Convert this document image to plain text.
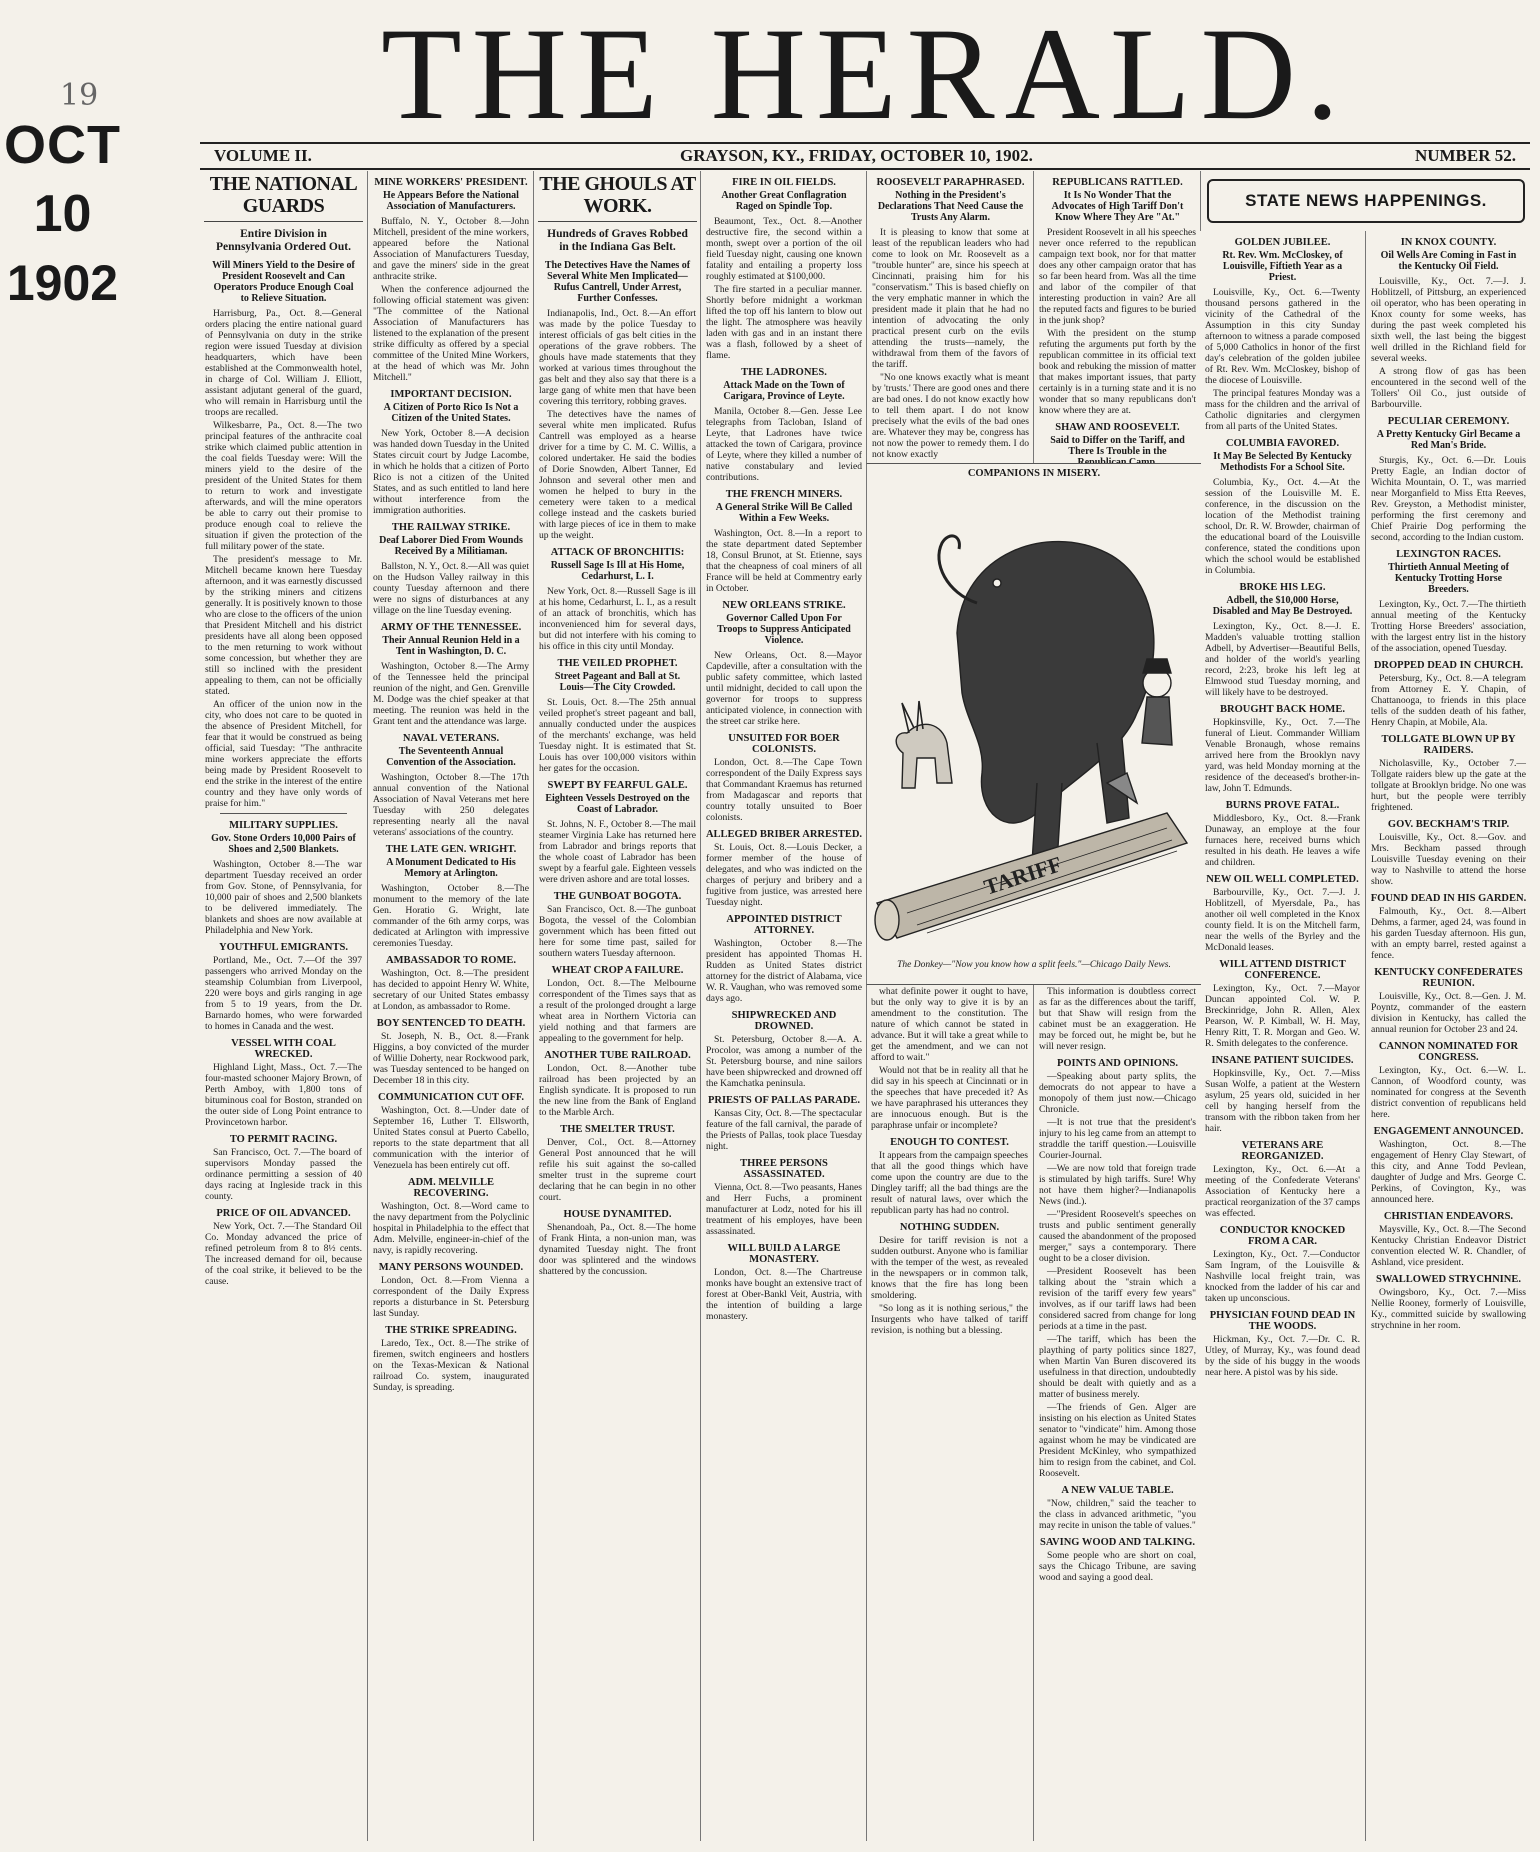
19
OCT
10
1902
THE HERALD.
VOLUME II.	GRAYSON, KY., FRIDAY, OCTOBER 10, 1902.	NUMBER 52.
THE NATIONAL GUARDS
Entire Division in Pennsylvania Ordered Out.
Will Miners Yield to the Desire of President Roosevelt and Can Operators Produce Enough Coal to Relieve Situation.

Harrisburg, Pa., Oct. 8.—General orders placing the entire national guard of Pennsylvania on duty in the strike region were issued Tuesday at division headquarters, which have been established at the Commonwealth hotel, in charge of Col. William J. Elliott, assistant adjutant general of the guard, who will remain in Harrisburg until the troops are recalled.

Wilkesbarre, Pa., Oct. 8.—The two principal features of the anthracite coal strike which claimed public attention in the coal fields Tuesday were: Will the miners yield to the desire of the president of the United States for them to return to work and investigate afterwards, and will the mine operators be able to carry out their promise to produce enough coal to relieve the situation if given the protection of the full military power of the state.

The president's message to Mr. Mitchell became known here Tuesday afternoon, and it was earnestly discussed by the striking miners and citizens generally. It is positively known to those who are close to the officers of the union that President Mitchell and his district presidents have all along been opposed to the men returning to work without some concession, but whether they are still so inclined with the president appealing to them, can not be officially stated.

An officer of the union now in the city, who does not care to be quoted in the absence of President Mitchell, for fear that it would be construed as being official, said Tuesday: "The anthracite mine workers appreciate the efforts being made by President Roosevelt to end the strike in the interest of the entire country and they have only words of praise for him."

MILITARY SUPPLIES.
Gov. Stone Orders 10,000 Pairs of Shoes and 2,500 Blankets.

Washington, October 8.—The war department Tuesday received an order from Gov. Stone, of Pennsylvania, for 10,000 pair of shoes and 2,500 blankets to be delivered immediately. The blankets and shoes are now available at Philadelphia and New York.

YOUTHFUL EMIGRANTS.

Portland, Me., Oct. 7.—Of the 397 passengers who arrived Monday on the steamship Columbian from Liverpool, 220 were boys and girls ranging in age from 5 to 19 years, from the Dr. Barnardo homes, who were forwarded to homes in Canada and the west.

VESSEL WITH COAL WRECKED.

Highland Light, Mass., Oct. 7.—The four-masted schooner Majory Brown, of Perth Amboy, with 1,800 tons of bituminous coal for Boston, stranded on the outer side of Long Point entrance to Provincetown harbor.

TO PERMIT RACING.

San Francisco, Oct. 7.—The board of supervisors Monday passed the ordinance permitting a session of 40 days racing at Ingleside track in this county.

PRICE OF OIL ADVANCED.

New York, Oct. 7.—The Standard Oil Co. Monday advanced the price of refined petroleum from 8 to 8½ cents. The increased demand for oil, because of the coal strike, it believed to be the cause.

MINE WORKERS' PRESIDENT.
He Appears Before the National Association of Manufacturers.

Buffalo, N. Y., October 8.—John Mitchell, president of the mine workers, appeared before the National Association of Manufacturers Tuesday, and gave the miners' side in the great anthracite strike.

When the conference adjourned the following official statement was given: "The committee of the National Association of Manufacturers has listened to the explanation of the present strike difficulty as offered by a special committee of the United Mine Workers, at the head of which was Mr. John Mitchell."

IMPORTANT DECISION.
A Citizen of Porto Rico Is Not a Citizen of the United States.

New York, October 8.—A decision was handed down Tuesday in the United States circuit court by Judge Lacombe, in which he holds that a citizen of Porto Rico is not a citizen of the United States, and as such entitled to land here without interference from the immigration authorities.

THE RAILWAY STRIKE.
Deaf Laborer Died From Wounds Received By a Militiaman.

Ballston, N. Y., Oct. 8.—All was quiet on the Hudson Valley railway in this county Tuesday afternoon and there were no signs of disturbances at any village on the line Tuesday evening.

ARMY OF THE TENNESSEE.
Their Annual Reunion Held in a Tent in Washington, D. C.

Washington, October 8.—The Army of the Tennessee held the principal reunion of the night, and Gen. Grenville M. Dodge was the chief speaker at that meeting. The reunion was held in the Grant tent and the attendance was large.

NAVAL VETERANS.
The Seventeenth Annual Convention of the Association.

Washington, October 8.—The 17th annual convention of the National Association of Naval Veterans met here Tuesday with 250 delegates representing nearly all the naval veterans' associations of the country.

THE LATE GEN. WRIGHT.
A Monument Dedicated to His Memory at Arlington.

Washington, October 8.—The monument to the memory of the late Gen. Horatio G. Wright, late commander of the 6th army corps, was dedicated at Arlington with impressive ceremonies Tuesday.

AMBASSADOR TO ROME.

Washington, Oct. 8.—The president has decided to appoint Henry W. White, secretary of our United States embassy at London, as ambassador to Rome.

BOY SENTENCED TO DEATH.

St. Joseph, N. B., Oct. 8.—Frank Higgins, a boy convicted of the murder of Willie Doherty, near Rockwood park, was Tuesday sentenced to be hanged on December 18 in this city.

COMMUNICATION CUT OFF.

Washington, Oct. 8.—Under date of September 16, Luther T. Ellsworth, United States consul at Puerto Cabello, reports to the state department that all communication with the interior of Venezuela has been entirely cut off.

ADM. MELVILLE RECOVERING.

Washington, Oct. 8.—Word came to the navy department from the Polyclinic hospital in Philadelphia to the effect that Adm. Melville, engineer-in-chief of the navy, is rapidly recovering.

MANY PERSONS WOUNDED.

London, Oct. 8.—From Vienna a correspondent of the Daily Express reports a disturbance in St. Petersburg last Sunday.

THE STRIKE SPREADING.

Laredo, Tex., Oct. 8.—The strike of firemen, switch engineers and hostlers on the Texas-Mexican & National railroad Co. system, inaugurated Sunday, is spreading.

THE GHOULS AT WORK.
Hundreds of Graves Robbed in the Indiana Gas Belt.
The Detectives Have the Names of Several White Men Implicated—Rufus Cantrell, Under Arrest, Further Confesses.

Indianapolis, Ind., Oct. 8.—An effort was made by the police Tuesday to interest officials of gas belt cities in the operations of the grave robbers. The ghouls have made statements that they worked at various times throughout the gas belt and they also say that there is a large gang of white men that have been covering this territory, robbing graves.

The detectives have the names of several white men implicated. Rufus Cantrell was employed as a hearse driver for a time by C. M. C. Willis, a colored undertaker. He said the bodies of Dorie Snowden, Albert Tanner, Ed Johnson and several other men and women he helped to bury in the cemetery were taken to a medical college instead and the caskets buried with large pieces of ice in them to make up the weight.

ATTACK OF BRONCHITIS:
Russell Sage Is Ill at His Home, Cedarhurst, L. I.

New York, Oct. 8.—Russell Sage is ill at his home, Cedarhurst, L. I., as a result of an attack of bronchitis, which has inconvenienced him for several days, but did not interfere with his coming to his office in this city until Monday.

THE VEILED PROPHET.
Street Pageant and Ball at St. Louis—The City Crowded.

St. Louis, Oct. 8.—The 25th annual veiled prophet's street pageant and ball, annually conducted under the auspices of the merchants' exchange, was held Tuesday night. It is estimated that St. Louis has over 100,000 visitors within her gates for the occasion.

SWEPT BY FEARFUL GALE.
Eighteen Vessels Destroyed on the Coast of Labrador.

St. Johns, N. F., October 8.—The mail steamer Virginia Lake has returned here from Labrador and brings reports that the whole coast of Labrador has been swept by a fearful gale. Eighteen vessels were driven ashore and are total losses.

THE GUNBOAT BOGOTA.

San Francisco, Oct. 8.—The gunboat Bogota, the vessel of the Colombian government which has been fitted out here for some time past, sailed for southern waters Tuesday afternoon.

WHEAT CROP A FAILURE.

London, Oct. 8.—The Melbourne correspondent of the Times says that as a result of the prolonged drought a large wheat area in Northern Victoria can yield nothing and that farmers are appealing to the government for help.

ANOTHER TUBE RAILROAD.

London, Oct. 8.—Another tube railroad has been projected by an English syndicate. It is proposed to run the new line from the Bank of England to the Marble Arch.

THE SMELTER TRUST.

Denver, Col., Oct. 8.—Attorney General Post announced that he will refile his suit against the so-called smelter trust in the supreme court declaring that he can begin in no other court.

HOUSE DYNAMITED.

Shenandoah, Pa., Oct. 8.—The home of Frank Hinta, a non-union man, was dynamited Tuesday night. The front door was splintered and the windows shattered by the concussion.

FIRE IN OIL FIELDS.
Another Great Conflagration Raged on Spindle Top.

Beaumont, Tex., Oct. 8.—Another destructive fire, the second within a month, swept over a portion of the oil field Tuesday night, causing one known fatality and entailing a property loss roughly estimated at $100,000.

The fire started in a peculiar manner. Shortly before midnight a workman lifted the top off his lantern to blow out the light. The atmosphere was heavily laden with gas and in an instant there was a flash, followed by a sheet of flame.

THE LADRONES.
Attack Made on the Town of Carigara, Province of Leyte.

Manila, October 8.—Gen. Jesse Lee telegraphs from Tacloban, Island of Leyte, that Ladrones have twice attacked the town of Carigara, province of Leyte, where they killed a number of native constabulary and levied contributions.

THE FRENCH MINERS.
A General Strike Will Be Called Within a Few Weeks.

Washington, Oct. 8.—In a report to the state department dated September 18, Consul Brunot, at St. Etienne, says that the cheapness of coal miners of all France will be held at Commentry early in October.

NEW ORLEANS STRIKE.
Governor Called Upon For Troops to Suppress Anticipated Violence.

New Orleans, Oct. 8.—Mayor Capdeville, after a consultation with the public safety committee, which lasted until midnight, decided to call upon the governor for troops to suppress anticipated violence, in connection with the street car strike here.

UNSUITED FOR BOER COLONISTS.

London, Oct. 8.—The Cape Town correspondent of the Daily Express says that Commandant Kraemus has returned from Madagascar and reports that country totally unsuited to Boer colonists.

ALLEGED BRIBER ARRESTED.

St. Louis, Oct. 8.—Louis Decker, a former member of the house of delegates, and who was indicted on the charges of perjury and bribery and a fugitive from justice, was arrested here Tuesday night.

APPOINTED DISTRICT ATTORNEY.

Washington, October 8.—The president has appointed Thomas H. Rudden as United States district attorney for the district of Alabama, vice W. R. Vaughan, who was removed some days ago.

SHIPWRECKED AND DROWNED.

St. Petersburg, October 8.—A. A. Procolor, was among a number of the St. Petersburg bourse, and nine sailors have been shipwrecked and drowned off the Kamchatka peninsula.

PRIESTS OF PALLAS PARADE.

Kansas City, Oct. 8.—The spectacular feature of the fall carnival, the parade of the Priests of Pallas, took place Tuesday night.

THREE PERSONS ASSASSINATED.

Vienna, Oct. 8.—Two peasants, Hanes and Herr Fuchs, a prominent manufacturer at Lodz, noted for his ill treatment of his employes, have been assassinated.

WILL BUILD A LARGE MONASTERY.

London, Oct. 8.—The Chartreuse monks have bought an extensive tract of forest at Ober-Bankl Veit, Austria, with the intention of building a large monastery.

ROOSEVELT PARAPHRASED.
Nothing in the President's Declarations That Need Cause the Trusts Any Alarm.

It is pleasing to know that some at least of the republican leaders who had come to look on Mr. Roosevelt as a "trouble hunter" are, since his speech at Cincinnati, praising him for his "conservatism." This is based chiefly on the very emphatic manner in which the president made it plain that he had no intention of advocating the only practical present curb on the evils attending the trusts—namely, the withdrawal from them of the favors of the tariff.

"No one knows exactly what is meant by 'trusts.' There are good ones and there are bad ones. I do not know exactly how to tell them apart. I do not know precisely what the evils of the bad ones are. Whatever they may be, congress has not now the power to remedy them. I do not know exactly

REPUBLICANS RATTLED.
It Is No Wonder That the Advocates of High Tariff Don't Know Where They Are "At."

President Roosevelt in all his speeches never once referred to the republican campaign text book, nor for that matter does any other campaign orator that has so far been heard from. Was all the time and labor of the compiler of that interesting production in vain? Are all the reputed facts and figures to be buried in the junk shop?

With the president on the stump refuting the arguments put forth by the republican committee in its official text book and rebuking the mission of matter that makes important issues, that party certainly is in a turning state and it is no wonder that so many republicans don't know where they are at.

SHAW AND ROOSEVELT.
Said to Differ on the Tariff, and There Is Trouble in the

COMPANIONS IN MISERY.
TARIFF
The Donkey—"Now you know how a split feels."—Chicago Daily News.

what definite power it ought to have, but the only way to give it is by an amendment to the constitution. The nature of which cannot be stated in advance. But it will take a great while to get the amendment, and we can not afford to wait."

Would not that be in reality all that he did say in his speech at Cincinnati or in the speeches that have preceded it? As we have paraphrased his utterances they are innocuous enough. But is the paraphrase unfair or incomplete?

ENOUGH TO CONTEST.

It appears from the campaign speeches that all the good things which have come upon the country are due to the Dingley tariff; all the bad things are the result of natural laws, over which the republican party has had no control.

NOTHING SUDDEN.

Desire for tariff revision is not a sudden outburst. Anyone who is familiar with the temper of the west, as revealed in the newspapers or in common talk, knows that the fire has long been smoldering.

"So long as it is nothing serious," the Insurgents who have talked of tariff revision, is nothing but a blessing.

This information is doubtless correct as far as the differences about the tariff, but that Shaw will resign from the cabinet must be an exaggeration. He may be forced out, he might be, but he will never resign.

POINTS AND OPINIONS.

—Speaking about party splits, the democrats do not appear to have a monopoly of them just now.—Chicago Chronicle.

—It is not true that the president's injury to his leg came from an attempt to straddle the tariff question.—Louisville Courier-Journal.

—We are now told that foreign trade is stimulated by high tariffs. Sure! Why not have them higher?—Indianapolis News (ind.).

—"President Roosevelt's speeches on trusts and public sentiment generally caused the abandonment of the proposed merger," says a contemporary. There ought to be a closer division.

—President Roosevelt has been talking about the "strain which a revision of the tariff every few years" involves, as if our tariff laws had been considered sacred from change for long periods at a time in the past.

—The tariff, which has been the plaything of party politics since 1827, when Martin Van Buren discovered its usefulness in that direction, undoubtedly should be dealt with quietly and as a matter of business merely.

—The friends of Gen. Alger are insisting on his election as United States senator to "vindicate" him. Among those against whom he may be vindicated are President McKinley, who sympathized him to resign from the cabinet, and Col. Roosevelt.

A NEW VALUE TABLE.

"Now, children," said the teacher to the class in advanced arithmetic, "you may recite in unison the table of values."

SAVING WOOD AND TALKING.

Some people who are short on coal, says the Chicago Tribune, are saving wood and saying a good deal.

STATE NEWS HAPPENINGS.
GOLDEN JUBILEE.
Rt. Rev. Wm. McCloskey, of Louisville, Fiftieth Year as a Priest.

Louisville, Ky., Oct. 6.—Twenty thousand persons gathered in the vicinity of the Cathedral of the Assumption in this city Sunday afternoon to witness a parade composed of 5,000 Catholics in honor of the first day's celebration of the golden jubilee of Rt. Rev. Wm. McCloskey, bishop of the diocese of Louisville.

The principal features Monday was a mass for the children and the arrival of Catholic dignitaries and clergymen from all parts of the United States.

COLUMBIA FAVORED.
It May Be Selected By Kentucky Methodists For a School Site.

Columbia, Ky., Oct. 4.—At the session of the Louisville M. E. conference, in the discussion on the location of the Methodist training school, Dr. R. W. Browder, chairman of the educational board of the Louisville conference, stated the conditions upon which the school would be established in Columbia.

BROKE HIS LEG.
Adbell, the $10,000 Horse, Disabled and May Be Destroyed.

Lexington, Ky., Oct. 8.—J. E. Madden's valuable trotting stallion Adbell, by Advertiser—Beautiful Bells, and holder of the world's yearling record, 2:23, broke his left leg at Elmwood stud Tuesday morning, and will likely have to be destroyed.

BROUGHT BACK HOME.

Hopkinsville, Ky., Oct. 7.—The funeral of Lieut. Commander William Venable Bronaugh, whose remains arrived here from the Brooklyn navy yard, was held Monday morning at the residence of the deceased's brother-in-law, John T. Edmunds.

BURNS PROVE FATAL.

Middlesboro, Ky., Oct. 8.—Frank Dunaway, an employe at the four furnaces here, received burns which resulted in his death. He leaves a wife and children.

NEW OIL WELL COMPLETED.

Barbourville, Ky., Oct. 7.—J. J. Hoblitzell, of Myersdale, Pa., has another oil well completed in the Knox county field. It is on the Mitchell farm, near the wells of the Byrley and the McDonald leases.

WILL ATTEND DISTRICT CONFERENCE.

Lexington, Ky., Oct. 7.—Mayor Duncan appointed Col. W. P. Breckinridge, John R. Allen, Alex Pearson, W. P. Kimball, W. H. May, Henry Ritt, T. R. Morgan and Geo. W. R. Smith delegates to the conference.

INSANE PATIENT SUICIDES.

Hopkinsville, Ky., Oct. 7.—Miss Susan Wolfe, a patient at the Western asylum, 25 years old, suicided in her cell by hanging herself from the transom with the ribbon taken from her hair.

VETERANS ARE REORGANIZED.

Lexington, Ky., Oct. 6.—At a meeting of the Confederate Veterans' Association of Kentucky here a practical reorganization of the 37 camps was effected.

CONDUCTOR KNOCKED FROM A CAR.

Lexington, Ky., Oct. 7.—Conductor Sam Ingram, of the Louisville & Nashville local freight train, was knocked from the ladder of his car and taken up unconscious.

PHYSICIAN FOUND DEAD IN THE WOODS.

Hickman, Ky., Oct. 7.—Dr. C. R. Utley, of Murray, Ky., was found dead by the side of his buggy in the woods near here. A pistol was by his side.

IN KNOX COUNTY.
Oil Wells Are Coming in Fast in the Kentucky Oil Field.

Louisville, Ky., Oct. 7.—J. J. Hoblitzell, of Pittsburg, an experienced oil operator, who has been operating in Knox county for some weeks, has during the past week completed his sixth well, the last being the biggest well drilled in the Richland field for several weeks.

A strong flow of gas has been encountered in the second well of the Tollers' Oil Co., just outside of Barbourville.

PECULIAR CEREMONY.
A Pretty Kentucky Girl Became a Red Man's Bride.

Sturgis, Ky., Oct. 6.—Dr. Louis Pretty Eagle, an Indian doctor of Wichita Mountain, O. T., was married near Morganfield to Miss Etta Reeves, Rev. Greyston, a Methodist minister, performing the first ceremony and Chief Prairie Dog performing the second, according to the Indian custom.

LEXINGTON RACES.
Thirtieth Annual Meeting of Kentucky Trotting Horse Breeders.

Lexington, Ky., Oct. 7.—The thirtieth annual meeting of the Kentucky Trotting Horse Breeders' association, with the largest entry list in the history of the association, opened Tuesday.

DROPPED DEAD IN CHURCH.

Petersburg, Ky., Oct. 8.—A telegram from Attorney E. Y. Chapin, of Chattanooga, to friends in this place tells of the sudden death of his father, Henry Chapin, at Mobile, Ala.

TOLLGATE BLOWN UP BY RAIDERS.

Nicholasville, Ky., October 7.—Tollgate raiders blew up the gate at the tollgate at Brooklyn bridge. No one was hurt, but the people were terribly frightened.

GOV. BECKHAM'S TRIP.

Louisville, Ky., Oct. 8.—Gov. and Mrs. Beckham passed through Louisville Tuesday evening on their way to Nashville to attend the horse show.

FOUND DEAD IN HIS GARDEN.

Falmouth, Ky., Oct. 8.—Albert Dehms, a farmer, aged 24, was found in his garden Tuesday afternoon. His gun, with an empty barrel, rested against a fence.

KENTUCKY CONFEDERATES REUNION.

Louisville, Ky., Oct. 8.—Gen. J. M. Poyntz, commander of the eastern division in Kentucky, has called the annual reunion for October 23 and 24.

CANNON NOMINATED FOR CONGRESS.

Lexington, Ky., Oct. 6.—W. L. Cannon, of Woodford county, was nominated for congress at the Seventh district convention of republicans held here.

ENGAGEMENT ANNOUNCED.

Washington, Oct. 8.—The engagement of Henry Clay Stewart, of this city, and Anne Todd Pevlean, daughter of Judge and Mrs. George C. Perkins, of Covington, Ky., was announced here.

CHRISTIAN ENDEAVORS.

Maysville, Ky., Oct. 8.—The Second Kentucky Christian Endeavor District convention elected W. R. Chandler, of Ashland, vice president.

SWALLOWED STRYCHNINE.

Owingsboro, Ky., Oct. 7.—Miss Nellie Rooney, formerly of Louisville, Ky., committed suicide by swallowing strychnine in her room.
